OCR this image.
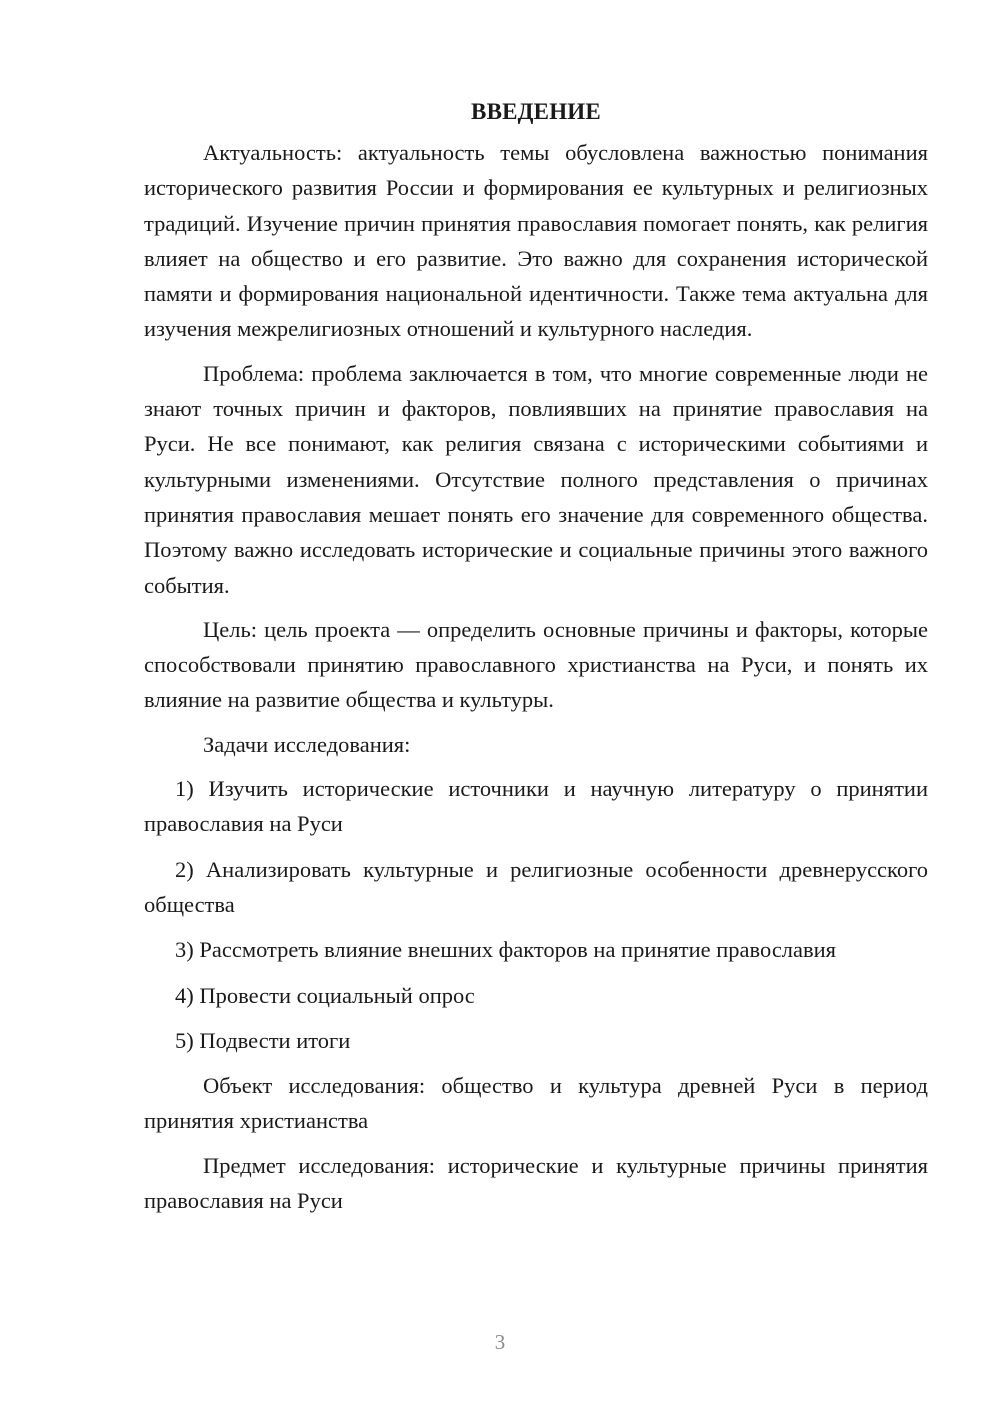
ВВЕДЕНИЕ

Актуальность: актуальность темы обусловлена важностью понимания исторического развития России и формирования ее культурных и религиозных традиций. Изучение причин принятия православия помогает понять, как религия влияет на общество и его развитие. Это важно для сохранения исторической памяти и формирования национальной идентичности. Также тема актуальна для изучения межрелигиозных отношений и культурного наследия.

Проблема: проблема заключается в том, что многие современные люди не знают точных причин и факторов, повлиявших на принятие православия на Руси. Не все понимают, как религия связана с историческими событиями и культурными изменениями. Отсутствие полного представления о причинах принятия православия мешает понять его значение для современного общества. Поэтому важно исследовать исторические и социальные причины этого важного события.

Цель: цель проекта — определить основные причины и факторы, которые способствовали принятию православного христианства на Руси, и понять их влияние на развитие общества и культуры.

Задачи исследования:

1) Изучить исторические источники и научную литературу о принятии православия на Руси

2) Анализировать культурные и религиозные особенности древнерусского общества

3) Рассмотреть влияние внешних факторов на принятие православия

4) Провести социальный опрос

5) Подвести итоги

Объект исследования: общество и культура древней Руси в период принятия христианства

Предмет исследования: исторические и культурные причины принятия православия на Руси

3
